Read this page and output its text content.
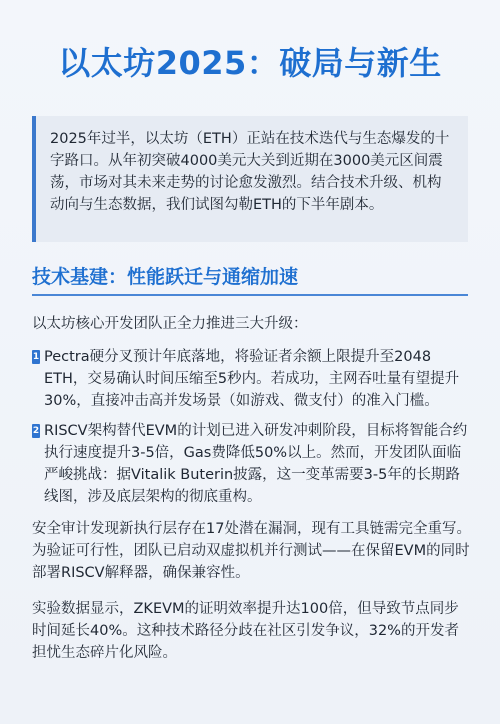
以太坊2025：破局与新生
2025年过半，以太坊（ETH）正站在技术迭代与生态爆发的十字路口。从年初突破4000美元大关到近期在3000美元区间震荡，市场对其未来走势的讨论愈发激烈。结合技术升级、机构动向与生态数据，我们试图勾勒ETH的下半年剧本。
技术基建：性能跃迁与通缩加速
以太坊核心开发团队正全力推进三大升级：
1 Pectra硬分叉预计年底落地，将验证者余额上限提升至2048 ETH，交易确认时间压缩至5秒内。若成功，主网吞吐量有望提升30%，直接冲击高并发场景（如游戏、微支付）的准入门槛。
2 RISCV架构替代EVM的计划已进入研发冲刺阶段，目标将智能合约执行速度提升3-5倍，Gas费降低50%以上。然而，开发团队面临严峻挑战：据Vitalik Buterin披露，这一变革需要3-5年的长期路线图，涉及底层架构的彻底重构。
安全审计发现新执行层存在17处潜在漏洞，现有工具链需完全重写。为验证可行性，团队已启动双虚拟机并行测试——在保留EVM的同时部署RISCV解释器，确保兼容性。
实验数据显示，ZKEVM的证明效率提升达100倍，但导致节点同步时间延长40%。这种技术路径分歧在社区引发争议，32%的开发者担忧生态碎片化风险。
